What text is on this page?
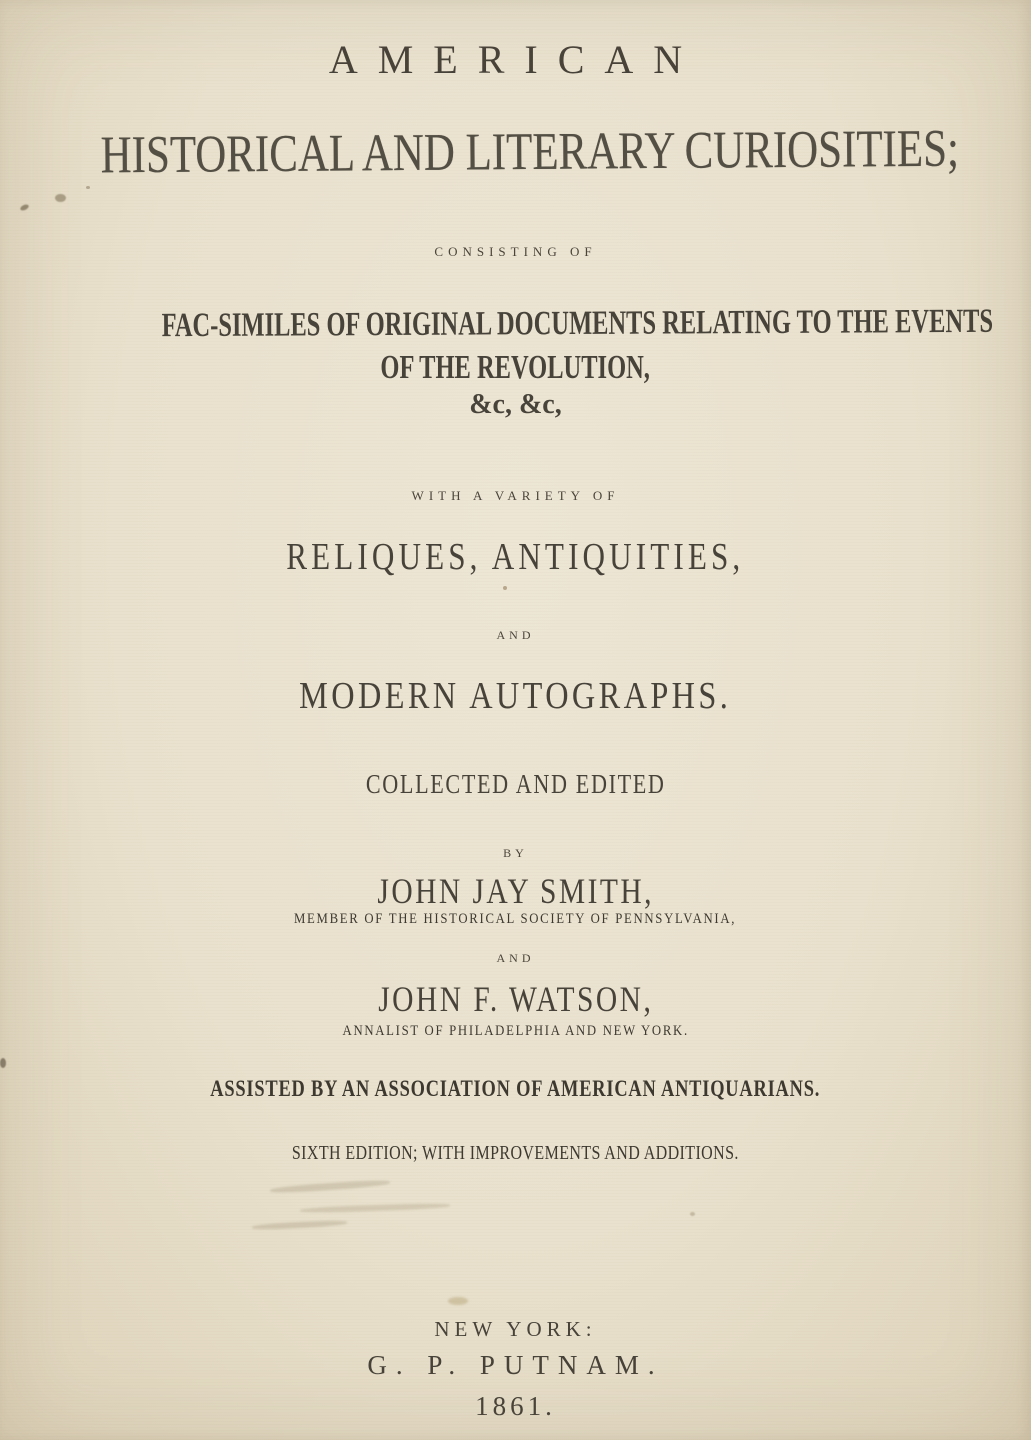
AMERICAN
HISTORICAL AND LITERARY CURIOSITIES;
CONSISTING OF
FAC-SIMILES OF ORIGINAL DOCUMENTS RELATING TO THE EVENTS
OF THE REVOLUTION,
&c, &c,
WITH A VARIETY OF
RELIQUES, ANTIQUITIES,
AND
MODERN AUTOGRAPHS.
COLLECTED AND EDITED
BY
JOHN JAY SMITH,
MEMBER OF THE HISTORICAL SOCIETY OF PENNSYLVANIA,
AND
JOHN F. WATSON,
ANNALIST OF PHILADELPHIA AND NEW YORK.
ASSISTED BY AN ASSOCIATION OF AMERICAN ANTIQUARIANS.
SIXTH EDITION; WITH IMPROVEMENTS AND ADDITIONS.
NEW YORK:
G. P. PUTNAM.
1861.
